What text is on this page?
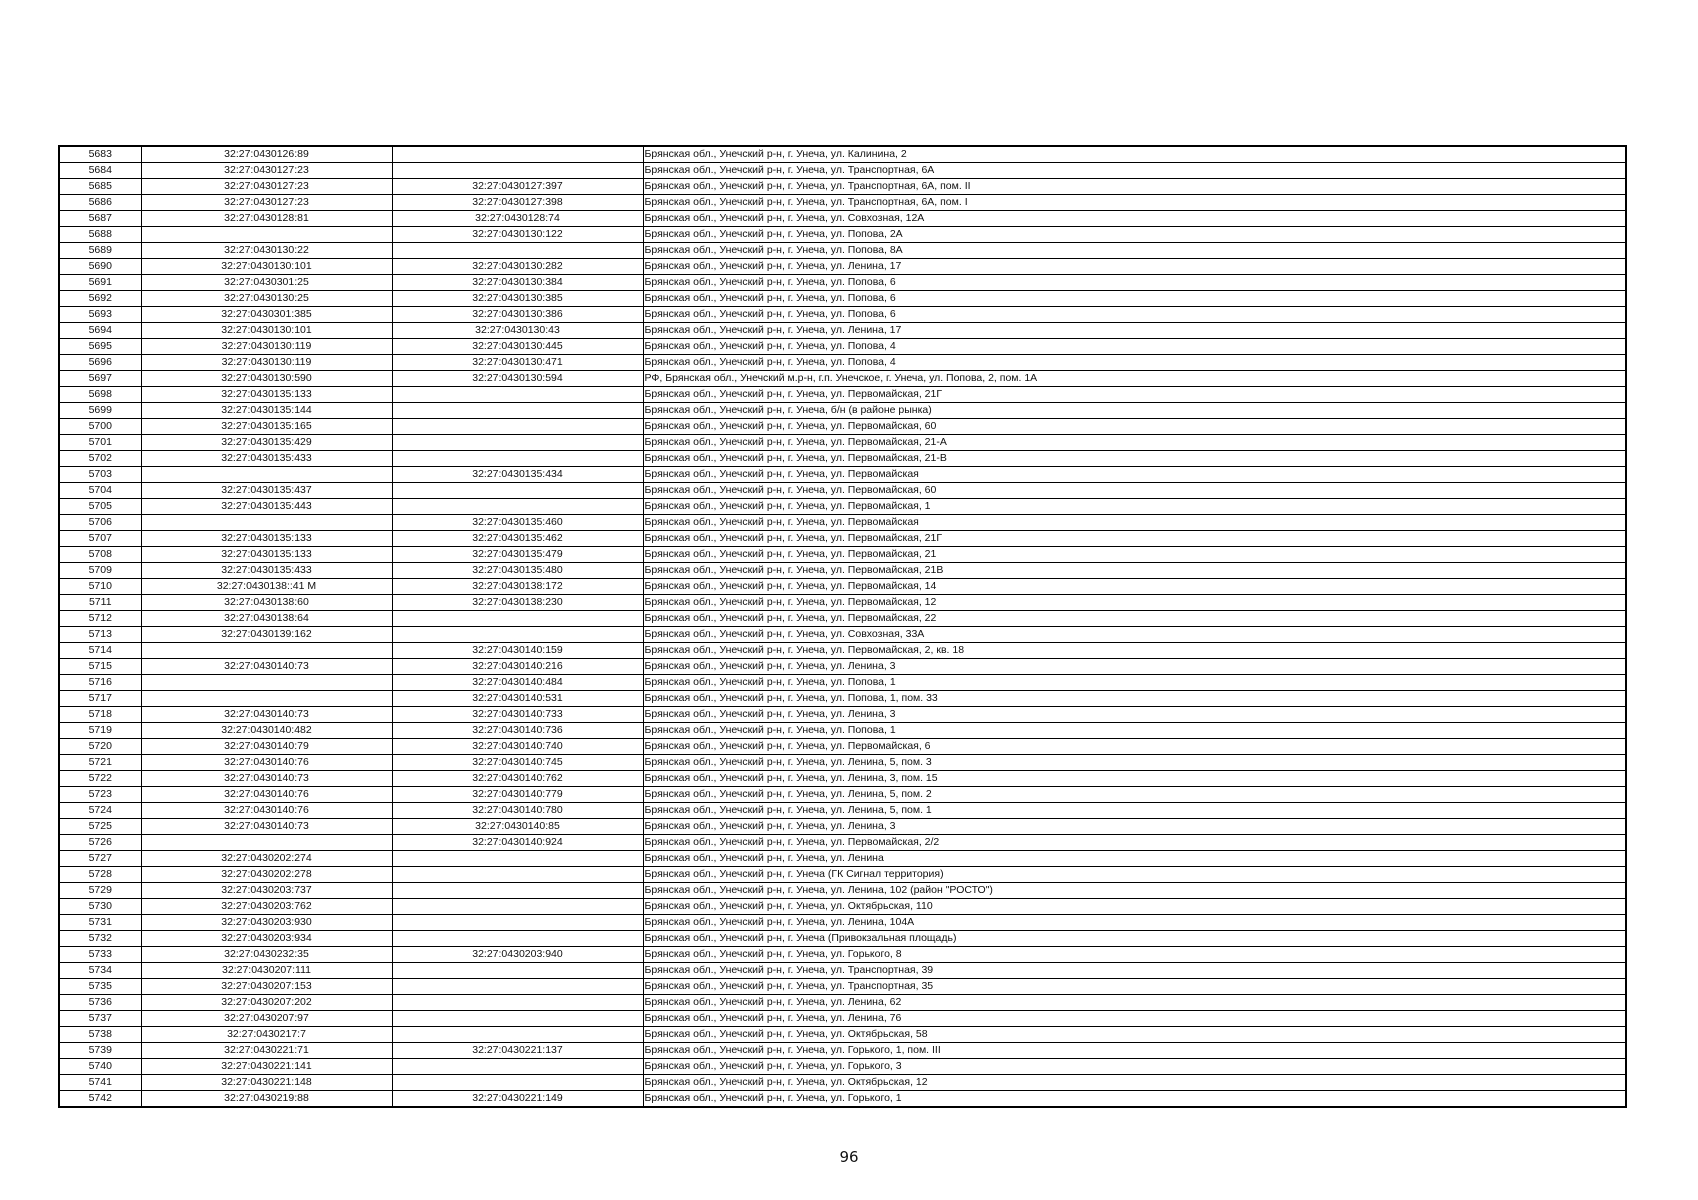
5683	32:27:0430126:89		Брянская обл., Унечский р-н, г. Унеча, ул. Калинина, 2
5684	32:27:0430127:23		Брянская обл., Унечский р-н, г. Унеча, ул. Транспортная, 6А
5685	32:27:0430127:23	32:27:0430127:397	Брянская обл., Унечский р-н, г. Унеча, ул. Транспортная, 6А, пом. II
5686	32:27:0430127:23	32:27:0430127:398	Брянская обл., Унечский р-н, г. Унеча, ул. Транспортная, 6А, пом. I
5687	32:27:0430128:81	32:27:0430128:74	Брянская обл., Унечский р-н, г. Унеча, ул. Совхозная, 12А
5688		32:27:0430130:122	Брянская обл., Унечский р-н, г. Унеча, ул. Попова, 2А
5689	32:27:0430130:22		Брянская обл., Унечский р-н, г. Унеча, ул. Попова, 8А
5690	32:27:0430130:101	32:27:0430130:282	Брянская обл., Унечский р-н, г. Унеча, ул. Ленина, 17
5691	32:27:0430301:25	32:27:0430130:384	Брянская обл., Унечский р-н, г. Унеча, ул. Попова, 6
5692	32:27:0430130:25	32:27:0430130:385	Брянская обл., Унечский р-н, г. Унеча, ул. Попова, 6
5693	32:27:0430301:385	32:27:0430130:386	Брянская обл., Унечский р-н, г. Унеча, ул. Попова, 6
5694	32:27:0430130:101	32:27:0430130:43	Брянская обл., Унечский р-н, г. Унеча, ул. Ленина, 17
5695	32:27:0430130:119	32:27:0430130:445	Брянская обл., Унечский р-н, г. Унеча, ул. Попова, 4
5696	32:27:0430130:119	32:27:0430130:471	Брянская обл., Унечский р-н, г. Унеча, ул. Попова, 4
5697	32:27:0430130:590	32:27:0430130:594	РФ, Брянская обл., Унечский м.р-н, г.п. Унечское, г. Унеча, ул. Попова, 2, пом. 1А
5698	32:27:0430135:133		Брянская обл., Унечский р-н, г. Унеча, ул. Первомайская, 21Г
5699	32:27:0430135:144		Брянская обл., Унечский р-н, г. Унеча, б/н (в районе рынка)
5700	32:27:0430135:165		Брянская обл., Унечский р-н, г. Унеча, ул. Первомайская, 60
5701	32:27:0430135:429		Брянская обл., Унечский р-н, г. Унеча, ул. Первомайская, 21-А
5702	32:27:0430135:433		Брянская обл., Унечский р-н, г. Унеча, ул. Первомайская, 21-В
5703		32:27:0430135:434	Брянская обл., Унечский р-н, г. Унеча, ул. Первомайская
5704	32:27:0430135:437		Брянская обл., Унечский р-н, г. Унеча, ул. Первомайская, 60
5705	32:27:0430135:443		Брянская обл., Унечский р-н, г. Унеча, ул. Первомайская, 1
5706		32:27:0430135:460	Брянская обл., Унечский р-н, г. Унеча, ул. Первомайская
5707	32:27:0430135:133	32:27:0430135:462	Брянская обл., Унечский р-н, г. Унеча, ул. Первомайская, 21Г
5708	32:27:0430135:133	32:27:0430135:479	Брянская обл., Унечский р-н, г. Унеча, ул. Первомайская, 21
5709	32:27:0430135:433	32:27:0430135:480	Брянская обл., Унечский р-н, г. Унеча, ул. Первомайская, 21В
5710	32:27:0430138::41 М	32:27:0430138:172	Брянская обл., Унечский р-н, г. Унеча, ул. Первомайская, 14
5711	32:27:0430138:60	32:27:0430138:230	Брянская обл., Унечский р-н, г. Унеча, ул. Первомайская, 12
5712	32:27:0430138:64		Брянская обл., Унечский р-н, г. Унеча, ул. Первомайская, 22
5713	32:27:0430139:162		Брянская обл., Унечский р-н, г. Унеча, ул. Совхозная, 33А
5714		32:27:0430140:159	Брянская обл., Унечский р-н, г. Унеча, ул. Первомайская, 2, кв. 18
5715	32:27:0430140:73	32:27:0430140:216	Брянская обл., Унечский р-н, г. Унеча, ул. Ленина, 3
5716		32:27:0430140:484	Брянская обл., Унечский р-н, г. Унеча, ул. Попова, 1
5717		32:27:0430140:531	Брянская обл., Унечский р-н, г. Унеча, ул. Попова, 1, пом. 33
5718	32:27:0430140:73	32:27:0430140:733	Брянская обл., Унечский р-н, г. Унеча, ул. Ленина, 3
5719	32:27:0430140:482	32:27:0430140:736	Брянская обл., Унечский р-н, г. Унеча, ул. Попова, 1
5720	32:27:0430140:79	32:27:0430140:740	Брянская обл., Унечский р-н, г. Унеча, ул. Первомайская, 6
5721	32:27:0430140:76	32:27:0430140:745	Брянская обл., Унечский р-н, г. Унеча, ул. Ленина, 5, пом. 3
5722	32:27:0430140:73	32:27:0430140:762	Брянская обл., Унечский р-н, г. Унеча, ул. Ленина, 3, пом. 15
5723	32:27:0430140:76	32:27:0430140:779	Брянская обл., Унечский р-н, г. Унеча, ул. Ленина, 5, пом. 2
5724	32:27:0430140:76	32:27:0430140:780	Брянская обл., Унечский р-н, г. Унеча, ул. Ленина, 5, пом. 1
5725	32:27:0430140:73	32:27:0430140:85	Брянская обл., Унечский р-н, г. Унеча, ул. Ленина, 3
5726		32:27:0430140:924	Брянская обл., Унечский р-н, г. Унеча, ул. Первомайская, 2/2
5727	32:27:0430202:274		Брянская обл., Унечский р-н, г. Унеча, ул. Ленина
5728	32:27:0430202:278		Брянская обл., Унечский р-н, г. Унеча (ГК Сигнал территория)
5729	32:27:0430203:737		Брянская обл., Унечский р-н, г. Унеча, ул. Ленина, 102 (район "РОСТО")
5730	32:27:0430203:762		Брянская обл., Унечский р-н, г. Унеча, ул. Октябрьская, 110
5731	32:27:0430203:930		Брянская обл., Унечский р-н, г. Унеча, ул. Ленина, 104А
5732	32:27:0430203:934		Брянская обл., Унечский р-н, г. Унеча (Привокзальная площадь)
5733	32:27:0430232:35	32:27:0430203:940	Брянская обл., Унечский р-н, г. Унеча, ул. Горького, 8
5734	32:27:0430207:111		Брянская обл., Унечский р-н, г. Унеча, ул. Транспортная, 39
5735	32:27:0430207:153		Брянская обл., Унечский р-н, г. Унеча, ул. Транспортная, 35
5736	32:27:0430207:202		Брянская обл., Унечский р-н, г. Унеча, ул. Ленина, 62
5737	32:27:0430207:97		Брянская обл., Унечский р-н, г. Унеча, ул. Ленина, 76
5738	32:27:0430217:7		Брянская обл., Унечский р-н, г. Унеча, ул. Октябрьская, 58
5739	32:27:0430221:71	32:27:0430221:137	Брянская обл., Унечский р-н, г. Унеча, ул. Горького, 1, пом. III
5740	32:27:0430221:141		Брянская обл., Унечский р-н, г. Унеча, ул. Горького, 3
5741	32:27:0430221:148		Брянская обл., Унечский р-н, г. Унеча, ул. Октябрьская, 12
5742	32:27:0430219:88	32:27:0430221:149	Брянская обл., Унечский р-н, г. Унеча, ул. Горького, 1
96
